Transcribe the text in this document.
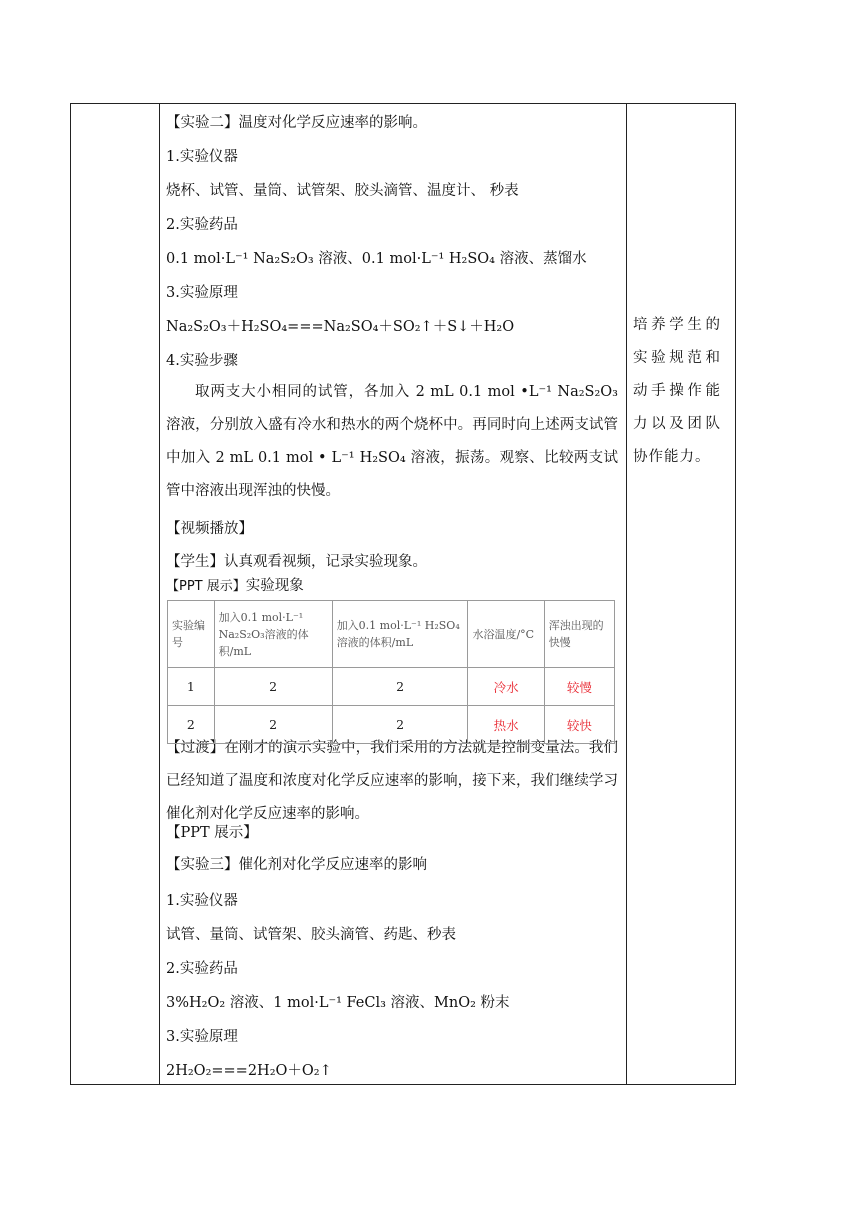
【实验二】温度对化学反应速率的影响。
1.实验仪器
烧杯、试管、量筒、试管架、胶头滴管、温度计、 秒表
2.实验药品
0.1 mol·L⁻¹ Na₂S₂O₃ 溶液、0.1 mol·L⁻¹ H₂SO₄ 溶液、蒸馏水
3.实验原理
Na₂S₂O₃＋H₂SO₄===Na₂SO₄＋SO₂↑＋S↓＋H₂O
4.实验步骤
取两支大小相同的试管，各加入 2 mL 0.1 mol •L⁻¹ Na₂S₂O₃ 溶液，分别放入盛有冷水和热水的两个烧杯中。再同时向上述两支试管中加入 2 mL 0.1 mol • L⁻¹ H₂SO₄ 溶液，振荡。观察、比较两支试管中溶液出现浑浊的快慢。
【视频播放】
【学生】认真观看视频，记录实验现象。
【PPT 展示】实验现象
【过渡】在刚才的演示实验中，我们采用的方法就是控制变量法。我们已经知道了温度和浓度对化学反应速率的影响，接下来，我们继续学习催化剂对化学反应速率的影响。
【PPT 展示】
【实验三】催化剂对化学反应速率的影响
1.实验仪器
试管、量筒、试管架、胶头滴管、药匙、秒表
2.实验药品
3%H₂O₂ 溶液、1 mol·L⁻¹ FeCl₃ 溶液、MnO₂ 粉末
3.实验原理
2H₂O₂===2H₂O＋O₂↑
实验编号	加入0.1 mol·L⁻¹ Na₂S₂O₃溶液的体积/mL	加入0.1 mol·L⁻¹ H₂SO₄溶液的体积/mL	水浴温度/°C	浑浊出现的快慢
1	2	2	冷水	较慢
2	2	2	热水	较快
培养学生的实验规范和动手操作能力以及团队协作能力。
